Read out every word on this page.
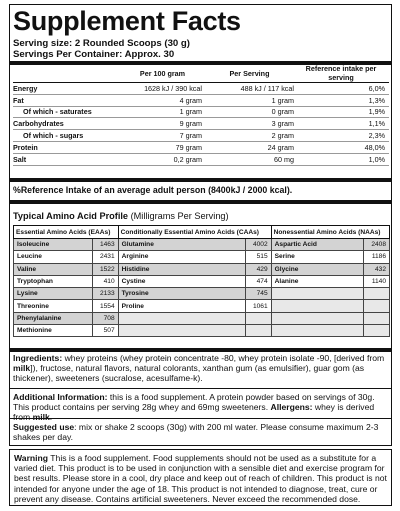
Supplement Facts
Serving size: 2 Rounded Scoops (30 g)
Servings Per Container: Approx. 30
	Per 100 gram	Per Serving	Reference intake per serving
Energy	1628 kJ / 390 kcal	488 kJ / 117 kcal	6,0%
Fat	4 gram	1 gram	1,3%
Of which - saturates	1 gram	0 gram	1,9%
Carbohydrates	9 gram	3 gram	1,1%
Of which - sugars	7 gram	2 gram	2,3%
Protein	79 gram	24 gram	48,0%
Salt	0,2 gram	60 mg	1,0%
%Reference Intake of an average adult person (8400kJ / 2000 kcal).
Typical Amino Acid Profile (Milligrams Per Serving)
Essential Amino Acids (EAAs)		Conditionally Essential Amino Acids (CAAs)		Nonessential Amino Acids (NAAs)	
Isoleucine	1463	Glutamine	4002	Aspartic Acid	2408
Leucine	2431	Arginine	515	Serine	1186
Valine	1522	Histidine	429	Glycine	432
Tryptophan	410	Cystine	474	Alanine	1140
Lysine	2133	Tyrosine	745		
Threonine	1554	Proline	1061		
Phenylalanine	708				
Methionine	507				
Ingredients: whey proteins (whey protein concentrate -80, whey protein isolate -90, [derived from milk]), fructose, natural flavors, natural colorants, xanthan gum (as emulsifier), guar gom (as thickener), sweeteners (sucralose, acesulfame-k).
Additional Information: this is a food supplement. A protein powder based on servings of 30g. This product contains per serving 28g whey and 69mg sweeteners. Allergens: whey is derived
Suggested use: mix or shake 2 scoops (30g) with 200 ml water. Please consume maximum 2-3 shakes per day.
Warning This is a food supplement. Food supplements should not be used as a substitute for a varied diet. This product is to be used in conjunction with a sensible diet and exercise program for best results. Please store in a cool, dry place and keep out of reach of children. This product is not intended for anyone under the age of 18. This product is not intended to diagnose, treat, cure or prevent any disease. Contains artificial sweeteners. Never exceed the recommended dose.
